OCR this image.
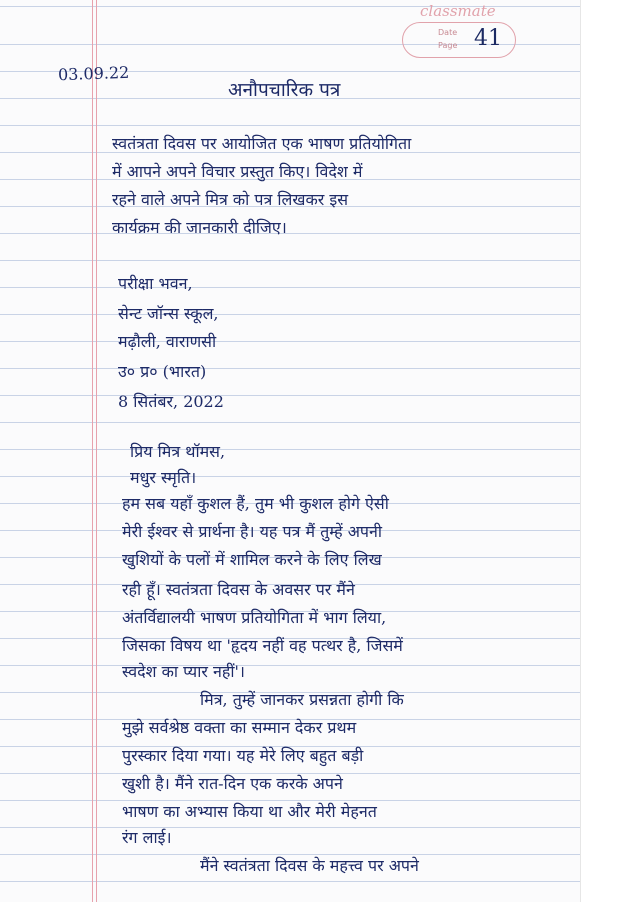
classmate
Date
Page 41
03.09.22
अनौपचारिक पत्र
स्वतंत्रता दिवस पर आयोजित एक भाषण प्रतियोगिता
में आपने अपने विचार प्रस्तुत किए। विदेश में
रहने वाले अपने मित्र को पत्र लिखकर इस
कार्यक्रम की जानकारी दीजिए।
परीक्षा भवन,
सेन्ट जॉन्स स्कूल,
मढ़ौली, वाराणसी
उ० प्र० (भारत)
8 सितंबर, 2022
प्रिय मित्र थॉमस,
मधुर स्मृति।
हम सब यहाँ कुशल हैं, तुम भी कुशल होगे ऐसी
मेरी ईश्वर से प्रार्थना है। यह पत्र मैं तुम्हें अपनी
खुशियों के पलों में शामिल करने के लिए लिख
रही हूँ। स्वतंत्रता दिवस के अवसर पर मैंने
अंतर्विद्यालयी भाषण प्रतियोगिता में भाग लिया,
जिसका विषय था 'हृदय नहीं वह पत्थर है, जिसमें
स्वदेश का प्यार नहीं'।
मित्र, तुम्हें जानकर प्रसन्नता होगी कि
मुझे सर्वश्रेष्ठ वक्ता का सम्मान देकर प्रथम
पुरस्कार दिया गया। यह मेरे लिए बहुत बड़ी
खुशी है। मैंने रात-दिन एक करके अपने
भाषण का अभ्यास किया था और मेरी मेहनत
रंग लाई।
मैंने स्वतंत्रता दिवस के महत्त्व पर अपने
